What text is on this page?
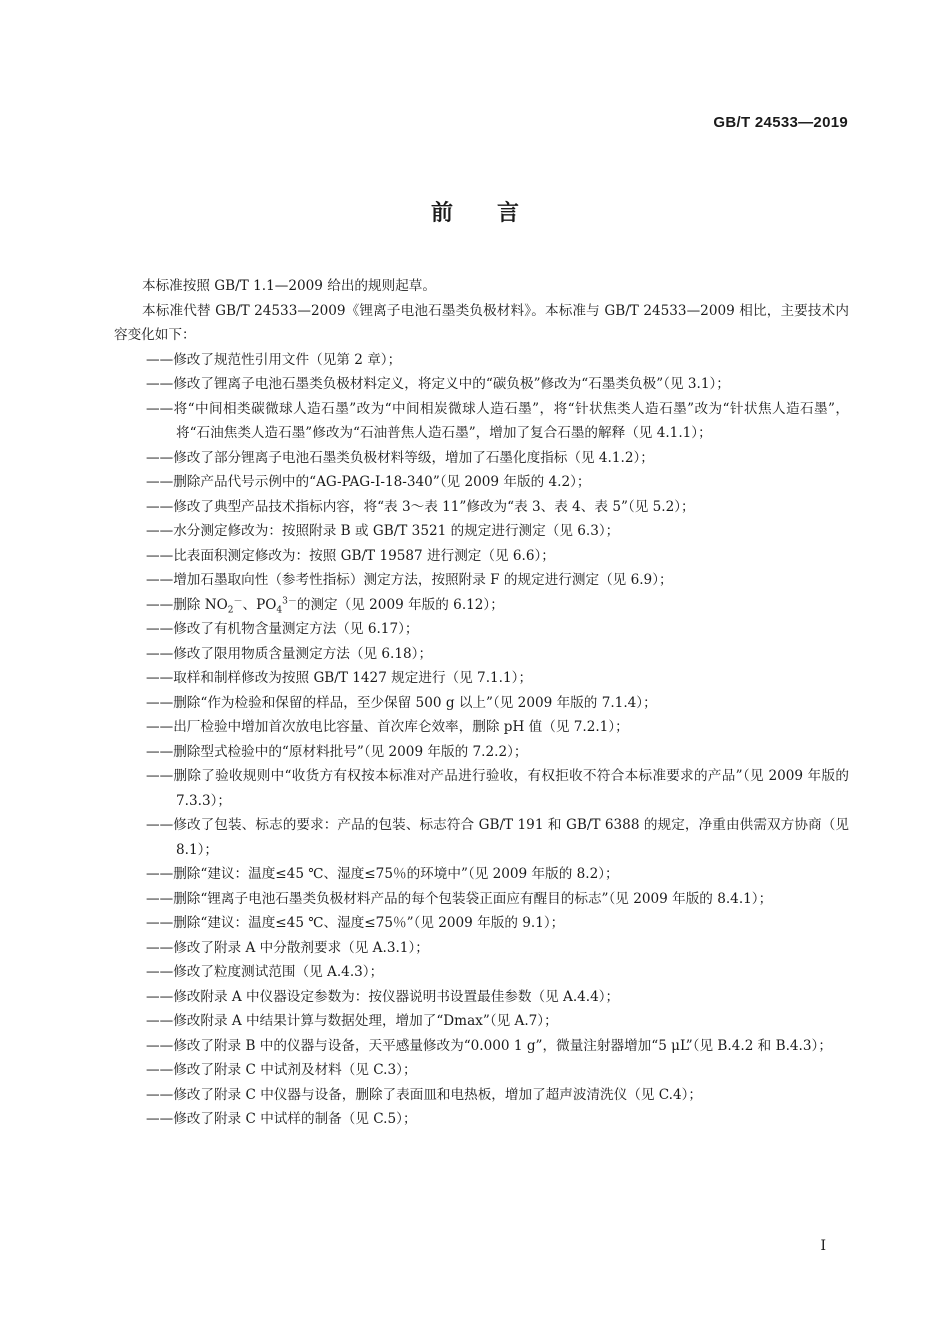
GB/T 24533—2019
前 言

本标准按照 GB/T 1.1—2009 给出的规则起草。

本标准代替 GB/T 24533—2009《锂离子电池石墨类负极材料》。本标准与 GB/T 24533—2009 相比，主要技术内容变化如下：

——修改了规范性引用文件（见第 2 章）；

——修改了锂离子电池石墨类负极材料定义，将定义中的“碳负极”修改为“石墨类负极”（见 3.1）；

——将“中间相类碳微球人造石墨”改为“中间相炭微球人造石墨”，将“针状焦类人造石墨”改为“针状焦人造石墨”，将“石油焦类人造石墨”修改为“石油普焦人造石墨”，增加了复合石墨的解释（见 4.1.1）；

——修改了部分锂离子电池石墨类负极材料等级，增加了石墨化度指标（见 4.1.2）；

——删除产品代号示例中的“AG-PAG-Ⅰ-18-340”（见 2009 年版的 4.2）；

——修改了典型产品技术指标内容，将“表 3～表 11”修改为“表 3、表 4、表 5”（见 5.2）；

——水分测定修改为：按照附录 B 或 GB/T 3521 的规定进行测定（见 6.3）；

——比表面积测定修改为：按照 GB/T 19587 进行测定（见 6.6）；

——增加石墨取向性（参考性指标）测定方法，按照附录 F 的规定进行测定（见 6.9）；

——删除 $NO_2^-$、$PO_4^{3-}$的测定（见 2009 年版的 6.12）；

——修改了有机物含量测定方法（见 6.17）；

——修改了限用物质含量测定方法（见 6.18）；

——取样和制样修改为按照 GB/T 1427 规定进行（见 7.1.1）；

——删除“作为检验和保留的样品，至少保留 500 g 以上”（见 2009 年版的 7.1.4）；

——出厂检验中增加首次放电比容量、首次库仑效率，删除 pH 值（见 7.2.1）；

——删除型式检验中的“原材料批号”（见 2009 年版的 7.2.2）；

——删除了验收规则中“收货方有权按本标准对产品进行验收，有权拒收不符合本标准要求的产品”（见 2009 年版的 7.3.3）；

——修改了包装、标志的要求：产品的包装、标志符合 GB/T 191 和 GB/T 6388 的规定，净重由供需双方协商（见 8.1）；

——删除“建议：温度≤45 ℃、湿度≤75％的环境中”（见 2009 年版的 8.2）；

——删除“锂离子电池石墨类负极材料产品的每个包装袋正面应有醒目的标志”（见 2009 年版的 8.4.1）；

——删除“建议：温度≤45 ℃、湿度≤75％”（见 2009 年版的 9.1）；

——修改了附录 A 中分散剂要求（见 A.3.1）；

——修改了粒度测试范围（见 A.4.3）；

——修改附录 A 中仪器设定参数为：按仪器说明书设置最佳参数（见 A.4.4）；

——修改附录 A 中结果计算与数据处理，增加了“Dmax”（见 A.7）；

——修改了附录 B 中的仪器与设备，天平感量修改为“0.000 1 g”，微量注射器增加“5 μL”（见 B.4.2 和 B.4.3）；

——修改了附录 C 中试剂及材料（见 C.3）；

——修改了附录 C 中仪器与设备，删除了表面皿和电热板，增加了超声波清洗仪（见 C.4）；

——修改了附录 C 中试样的制备（见 C.5）；

Ⅰ
